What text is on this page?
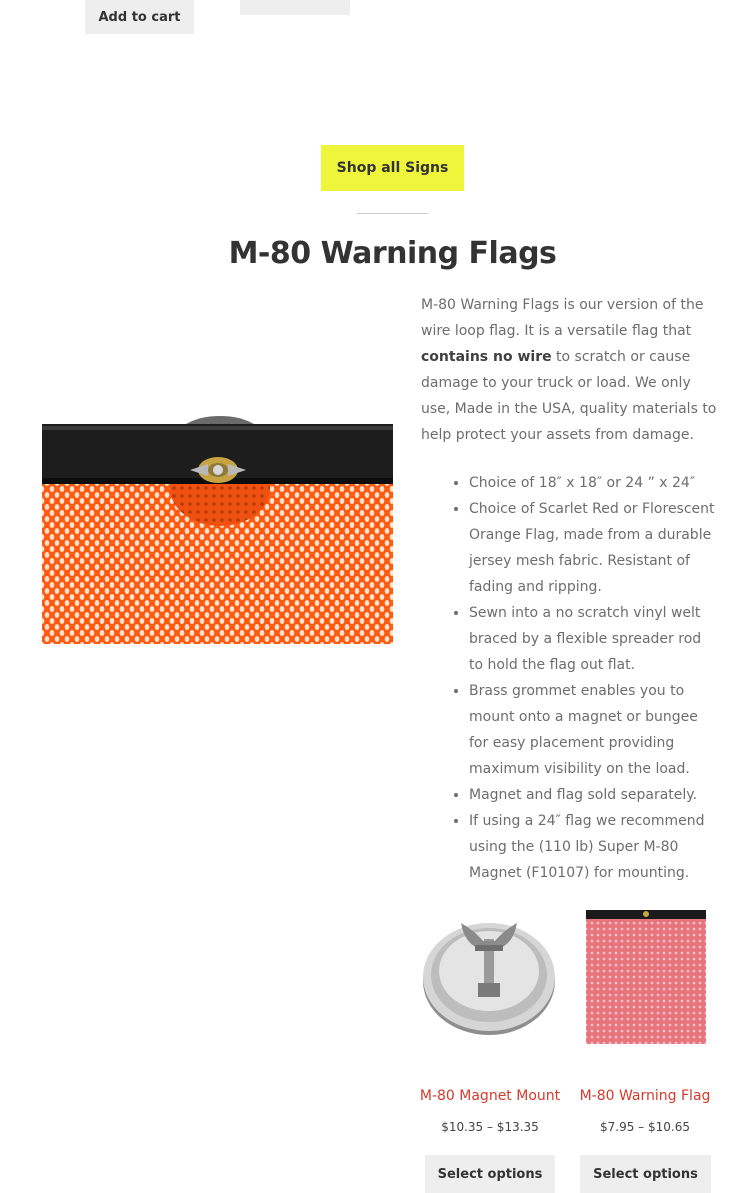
Add to cart
Shop all Signs
M-80 Warning Flags
M-80 Warning Flags is our version of the wire loop flag. It is a versatile flag that contains no wire to scratch or cause damage to your truck or load. We only use, Made in the USA, quality materials to help protect your assets from damage.
• Choice of 18″ x 18″ or 24 ” x 24″
• Choice of Scarlet Red or Florescent Orange Flag, made from a durable jersey mesh fabric. Resistant of fading and ripping.
• Sewn into a no scratch vinyl welt braced by a flexible spreader rod to hold the flag out flat.
• Brass grommet enables you to mount onto a magnet or bungee for easy placement providing maximum visibility on the load.
• Magnet and flag sold separately.
• If using a 24″ flag we recommend using the (110 lb) Super M-80 Magnet (F10107) for mounting.
M-80 Magnet Mount
$10.35 – $13.35
Select options
M-80 Warning Flag
$7.95 – $10.65
Select options
